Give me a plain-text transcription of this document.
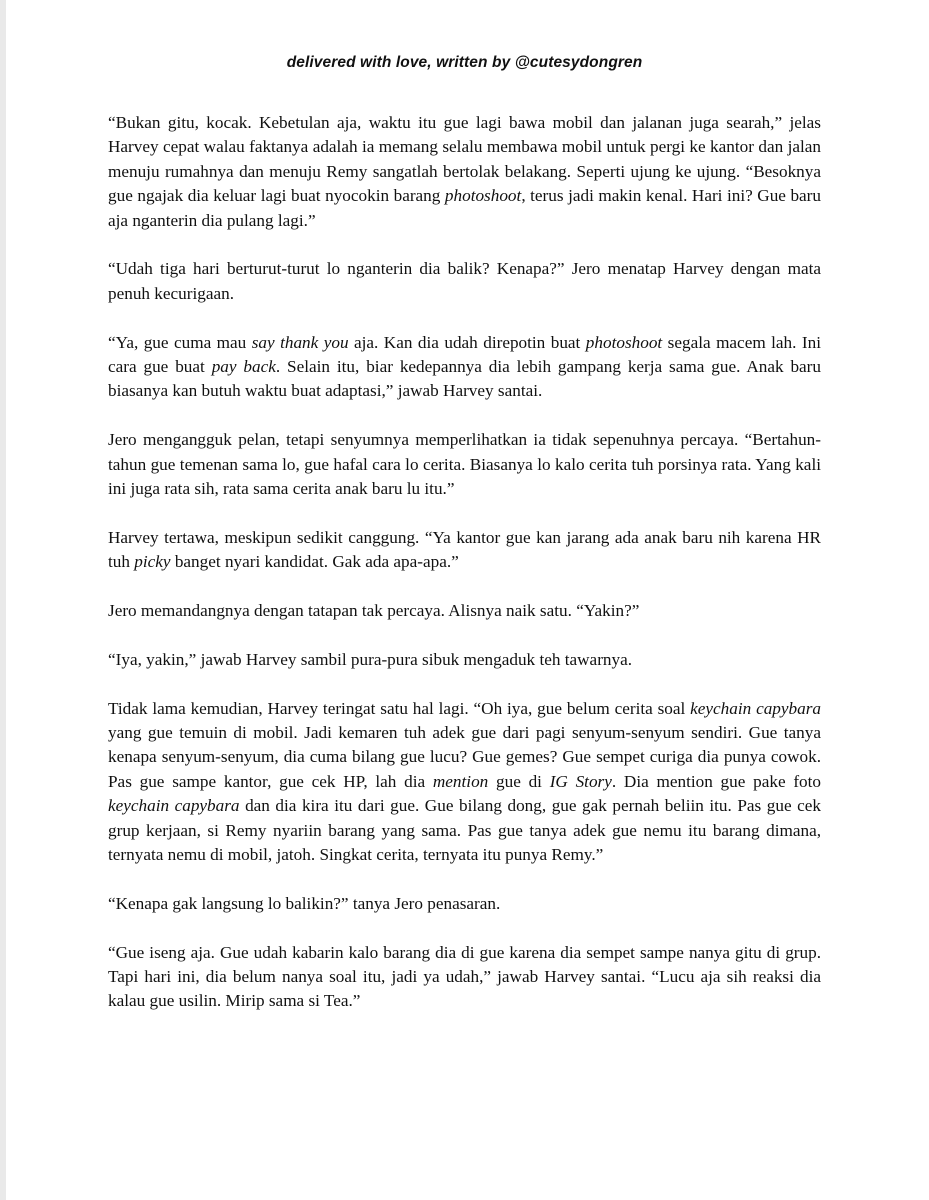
delivered with love, written by @cutesydongren

“Bukan gitu, kocak. Kebetulan aja, waktu itu gue lagi bawa mobil dan jalanan juga searah,” jelas Harvey cepat walau faktanya adalah ia memang selalu membawa mobil untuk pergi ke kantor dan jalan menuju rumahnya dan menuju Remy sangatlah bertolak belakang. Seperti ujung ke ujung. “Besoknya gue ngajak dia keluar lagi buat nyocokin barang photoshoot, terus jadi makin kenal. Hari ini? Gue baru aja nganterin dia pulang lagi.”

“Udah tiga hari berturut-turut lo nganterin dia balik? Kenapa?” Jero menatap Harvey dengan mata penuh kecurigaan.

“Ya, gue cuma mau say thank you aja. Kan dia udah direpotin buat photoshoot segala macem lah. Ini cara gue buat pay back. Selain itu, biar kedepannya dia lebih gampang kerja sama gue. Anak baru biasanya kan butuh waktu buat adaptasi,” jawab Harvey santai.

Jero mengangguk pelan, tetapi senyumnya memperlihatkan ia tidak sepenuhnya percaya. “Bertahun-tahun gue temenan sama lo, gue hafal cara lo cerita. Biasanya lo kalo cerita tuh porsinya rata. Yang kali ini juga rata sih, rata sama cerita anak baru lu itu.”

Harvey tertawa, meskipun sedikit canggung. “Ya kantor gue kan jarang ada anak baru nih karena HR tuh picky banget nyari kandidat. Gak ada apa-apa.”

Jero memandangnya dengan tatapan tak percaya. Alisnya naik satu. “Yakin?”

“Iya, yakin,” jawab Harvey sambil pura-pura sibuk mengaduk teh tawarnya.

Tidak lama kemudian, Harvey teringat satu hal lagi. “Oh iya, gue belum cerita soal keychain capybara yang gue temuin di mobil. Jadi kemaren tuh adek gue dari pagi senyum-senyum sendiri. Gue tanya kenapa senyum-senyum, dia cuma bilang gue lucu? Gue gemes? Gue sempet curiga dia punya cowok. Pas gue sampe kantor, gue cek HP, lah dia mention gue di IG Story. Dia mention gue pake foto keychain capybara dan dia kira itu dari gue. Gue bilang dong, gue gak pernah beliin itu. Pas gue cek grup kerjaan, si Remy nyariin barang yang sama. Pas gue tanya adek gue nemu itu barang dimana, ternyata nemu di mobil, jatoh. Singkat cerita, ternyata itu punya Remy.”

“Kenapa gak langsung lo balikin?” tanya Jero penasaran.

“Gue iseng aja. Gue udah kabarin kalo barang dia di gue karena dia sempet sampe nanya gitu di grup. Tapi hari ini, dia belum nanya soal itu, jadi ya udah,” jawab Harvey santai. “Lucu aja sih reaksi dia kalau gue usilin. Mirip sama si Tea.”
